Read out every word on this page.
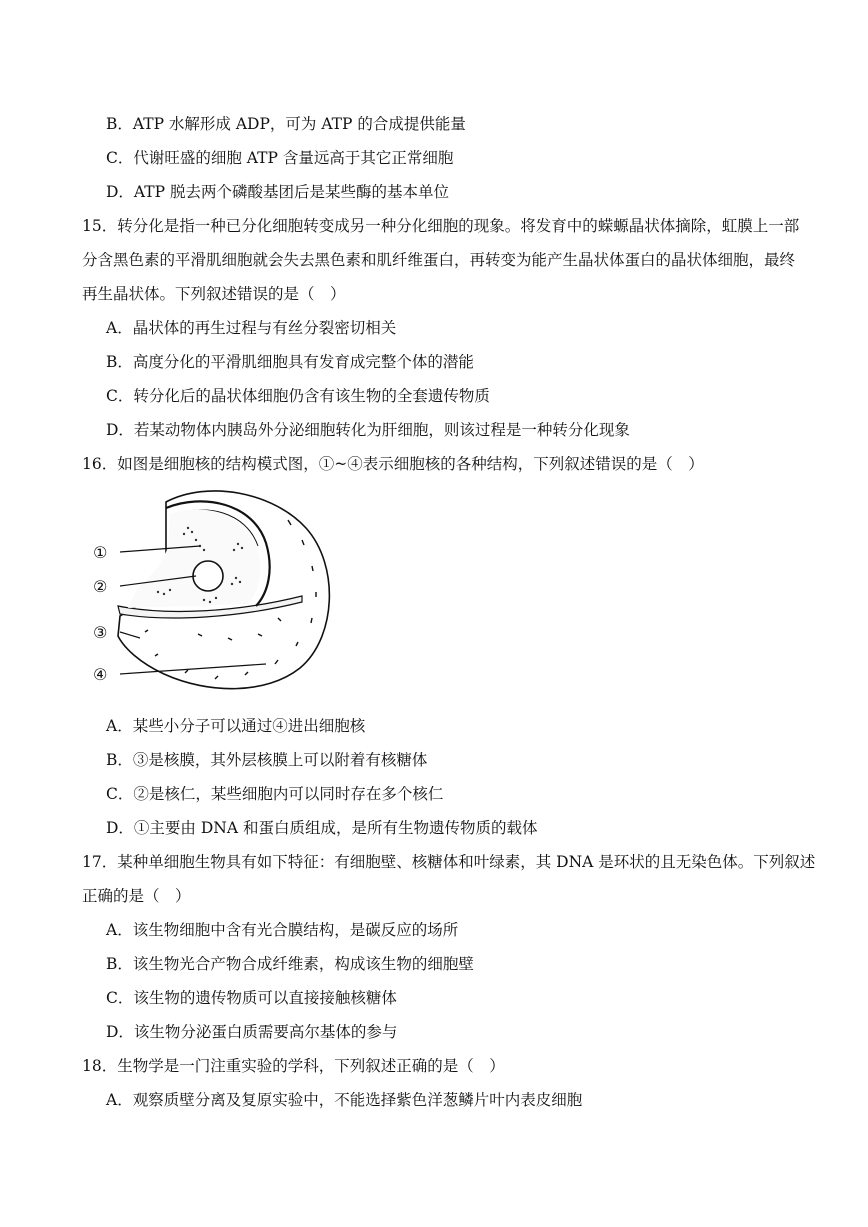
B．ATP 水解形成 ADP，可为 ATP 的合成提供能量
C．代谢旺盛的细胞 ATP 含量远高于其它正常细胞
D．ATP 脱去两个磷酸基团后是某些酶的基本单位
15．转分化是指一种已分化细胞转变成另一种分化细胞的现象。将发育中的蝾螈晶状体摘除，虹膜上一部
分含黑色素的平滑肌细胞就会失去黑色素和肌纤维蛋白，再转变为能产生晶状体蛋白的晶状体细胞，最终
再生晶状体。下列叙述错误的是（　）
A．晶状体的再生过程与有丝分裂密切相关
B．高度分化的平滑肌细胞具有发育成完整个体的潜能
C．转分化后的晶状体细胞仍含有该生物的全套遗传物质
D．若某动物体内胰岛外分泌细胞转化为肝细胞，则该过程是一种转分化现象
16．如图是细胞核的结构模式图，①~④表示细胞核的各种结构，下列叙述错误的是（　）
①
②
③
④
A．某些小分子可以通过④进出细胞核
B．③是核膜，其外层核膜上可以附着有核糖体
C．②是核仁，某些细胞内可以同时存在多个核仁
D．①主要由 DNA 和蛋白质组成，是所有生物遗传物质的载体
17．某种单细胞生物具有如下特征：有细胞壁、核糖体和叶绿素，其 DNA 是环状的且无染色体。下列叙述
正确的是（　）
A．该生物细胞中含有光合膜结构，是碳反应的场所
B．该生物光合产物合成纤维素，构成该生物的细胞壁
C．该生物的遗传物质可以直接接触核糖体
D．该生物分泌蛋白质需要高尔基体的参与
18．生物学是一门注重实验的学科，下列叙述正确的是（　）
A．观察质壁分离及复原实验中，不能选择紫色洋葱鳞片叶内表皮细胞
